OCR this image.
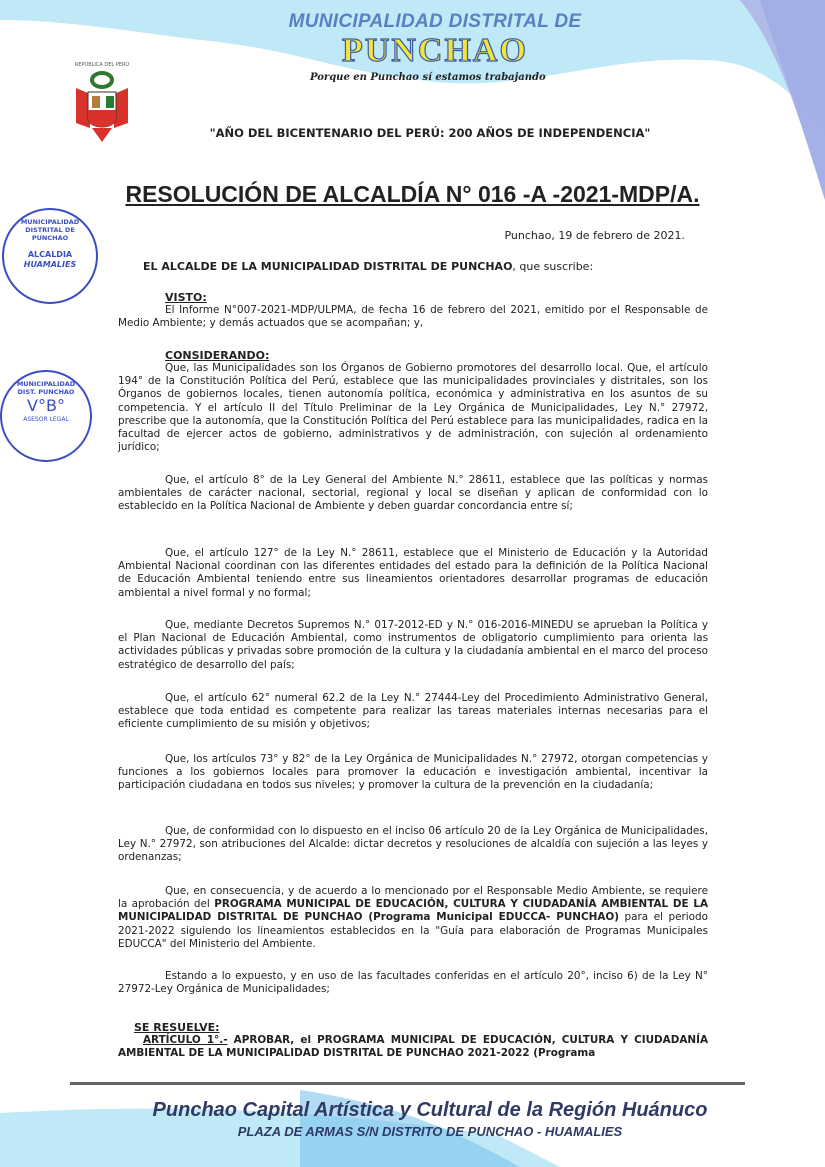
MUNICIPALIDAD DISTRITAL DE
PUNCHAO
Porque en Punchao sí estamos trabajando
REPÚBLICA DEL PERÚ
"AÑO DEL BICENTENARIO DEL PERÚ: 200 AÑOS DE INDEPENDENCIA"
RESOLUCIÓN DE ALCALDÍA N° 016 -A -2021-MDP/A.
Punchao, 19 de febrero de 2021.
EL ALCALDE DE LA MUNICIPALIDAD DISTRITAL DE PUNCHAO, que suscribe:
MUNICIPALIDAD DISTRITAL DE PUNCHAO
ALCALDIA
HUAMALIES
MUNICIPALIDAD DIST. PUNCHAO
V°B°
ASESOR LEGAL
VISTO:
El Informe N°007-2021-MDP/ULPMA, de fecha 16 de febrero del 2021, emitido por el Responsable de Medio Ambiente; y demás actuados que se acompañan; y,
CONSIDERANDO:
Que, las Municipalidades son los Órganos de Gobierno promotores del desarrollo local. Que, el artículo 194° de la Constitución Política del Perú, establece que las municipalidades provinciales y distritales, son los Órganos de gobiernos locales, tienen autonomía política, económica y administrativa en los asuntos de su competencia. Y el artículo II del Título Preliminar de la Ley Orgánica de Municipalidades, Ley N.° 27972, prescribe que la autonomía, que la Constitución Política del Perú establece para las municipalidades, radica en la facultad de ejercer actos de gobierno, administrativos y de administración, con sujeción al ordenamiento jurídico;
Que, el artículo 8° de la Ley General del Ambiente N.° 28611, establece que las políticas y normas ambientales de carácter nacional, sectorial, regional y local se diseñan y aplican de conformidad con lo establecido en la Política Nacional de Ambiente y deben guardar concordancia entre sí;
Que, el artículo 127° de la Ley N.° 28611, establece que el Ministerio de Educación y la Autoridad Ambiental Nacional coordinan con las diferentes entidades del estado para la definición de la Política Nacional de Educación Ambiental teniendo entre sus lineamientos orientadores desarrollar programas de educación ambiental a nivel formal y no formal;
Que, mediante Decretos Supremos N.° 017-2012-ED y N.° 016-2016-MINEDU se aprueban la Política y el Plan Nacional de Educación Ambiental, como instrumentos de obligatorio cumplimiento para orienta las actividades públicas y privadas sobre promoción de la cultura y la ciudadanía ambiental en el marco del proceso estratégico de desarrollo del país;
Que, el artículo 62° numeral 62.2 de la Ley N.° 27444-Ley del Procedimiento Administrativo General, establece que toda entidad es competente para realizar las tareas materiales internas necesarias para el eficiente cumplimiento de su misión y objetivos;
Que, los artículos 73° y 82° de la Ley Orgánica de Municipalidades N.° 27972, otorgan competencias y funciones a los gobiernos locales para promover la educación e investigación ambiental, incentivar la participación ciudadana en todos sus niveles; y promover la cultura de la prevención en la ciudadanía;
Que, de conformidad con lo dispuesto en el inciso 06 artículo 20 de la Ley Orgánica de Municipalidades, Ley N.° 27972, son atribuciones del Alcalde: dictar decretos y resoluciones de alcaldía con sujeción a las leyes y ordenanzas;
Que, en consecuencia, y de acuerdo a lo mencionado por el Responsable Medio Ambiente, se requiere la aprobación del PROGRAMA MUNICIPAL DE EDUCACIÓN, CULTURA Y CIUDADANÍA AMBIENTAL DE LA MUNICIPALIDAD DISTRITAL DE PUNCHAO (Programa Municipal EDUCCA- PUNCHAO) para el periodo 2021-2022 siguiendo los lineamientos establecidos en la "Guía para elaboración de Programas Municipales EDUCCA" del Ministerio del Ambiente.
Estando a lo expuesto, y en uso de las facultades conferidas en el artículo 20°, inciso 6) de la Ley N° 27972-Ley Orgánica de Municipalidades;
SE RESUELVE:
ARTÍCULO 1°.- APROBAR, el PROGRAMA MUNICIPAL DE EDUCACIÓN, CULTURA Y CIUDADANÍA AMBIENTAL DE LA MUNICIPALIDAD DISTRITAL DE PUNCHAO 2021-2022 (Programa
Punchao Capital Artística y Cultural de la Región Huánuco
PLAZA DE ARMAS S/N DISTRITO DE PUNCHAO - HUAMALIES
